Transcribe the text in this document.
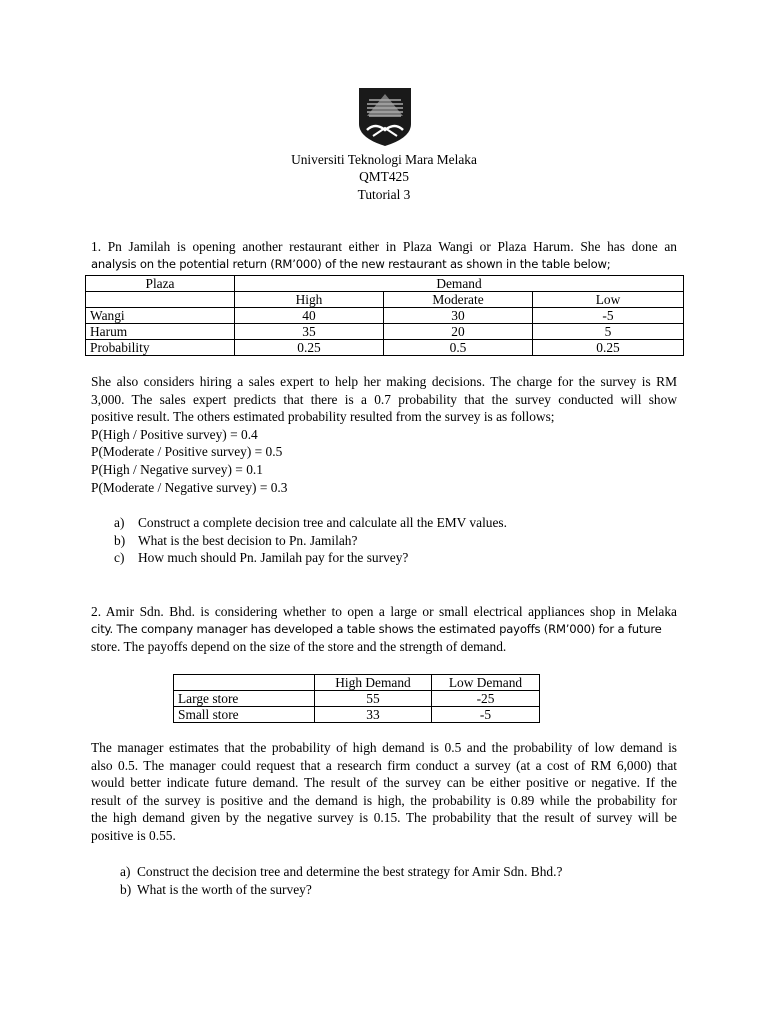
Universiti Teknologi Mara Melaka
QMT425
Tutorial 3
1. Pn Jamilah is opening another restaurant either in Plaza Wangi or Plaza Harum. She has done an
analysis on the potential return (RM’000) of the new restaurant as shown in the table below;
Plaza	Demand		
	High	Moderate	Low
Wangi	40	30	-5
Harum	35	20	5
Probability	0.25	0.5	0.25
She also considers hiring a sales expert to help her making decisions. The charge for the survey is RM
3,000. The sales expert predicts that there is a 0.7 probability that the survey conducted will show
positive result. The others estimated probability resulted from the survey is as follows;
P(High / Positive survey) = 0.4
P(Moderate / Positive survey) = 0.5
P(High / Negative survey) = 0.1
P(Moderate / Negative survey) = 0.3
a) Construct a complete decision tree and calculate all the EMV values.
b) What is the best decision to Pn. Jamilah?
c) How much should Pn. Jamilah pay for the survey?
2. Amir Sdn. Bhd. is considering whether to open a large or small electrical appliances shop in Melaka
city. The company manager has developed a table shows the estimated payoffs (RM’000) for a future
store. The payoffs depend on the size of the store and the strength of demand.
	High Demand	Low Demand
Large store	55	-25
Small store	33	-5
The manager estimates that the probability of high demand is 0.5 and the probability of low demand is
also 0.5. The manager could request that a research firm conduct a survey (at a cost of RM 6,000) that
would better indicate future demand. The result of the survey can be either positive or negative. If the
result of the survey is positive and the demand is high, the probability is 0.89 while the probability for
the high demand given by the negative survey is 0.15. The probability that the result of survey will be
positive is 0.55.
a) Construct the decision tree and determine the best strategy for Amir Sdn. Bhd.?
b) What is the worth of the survey?
